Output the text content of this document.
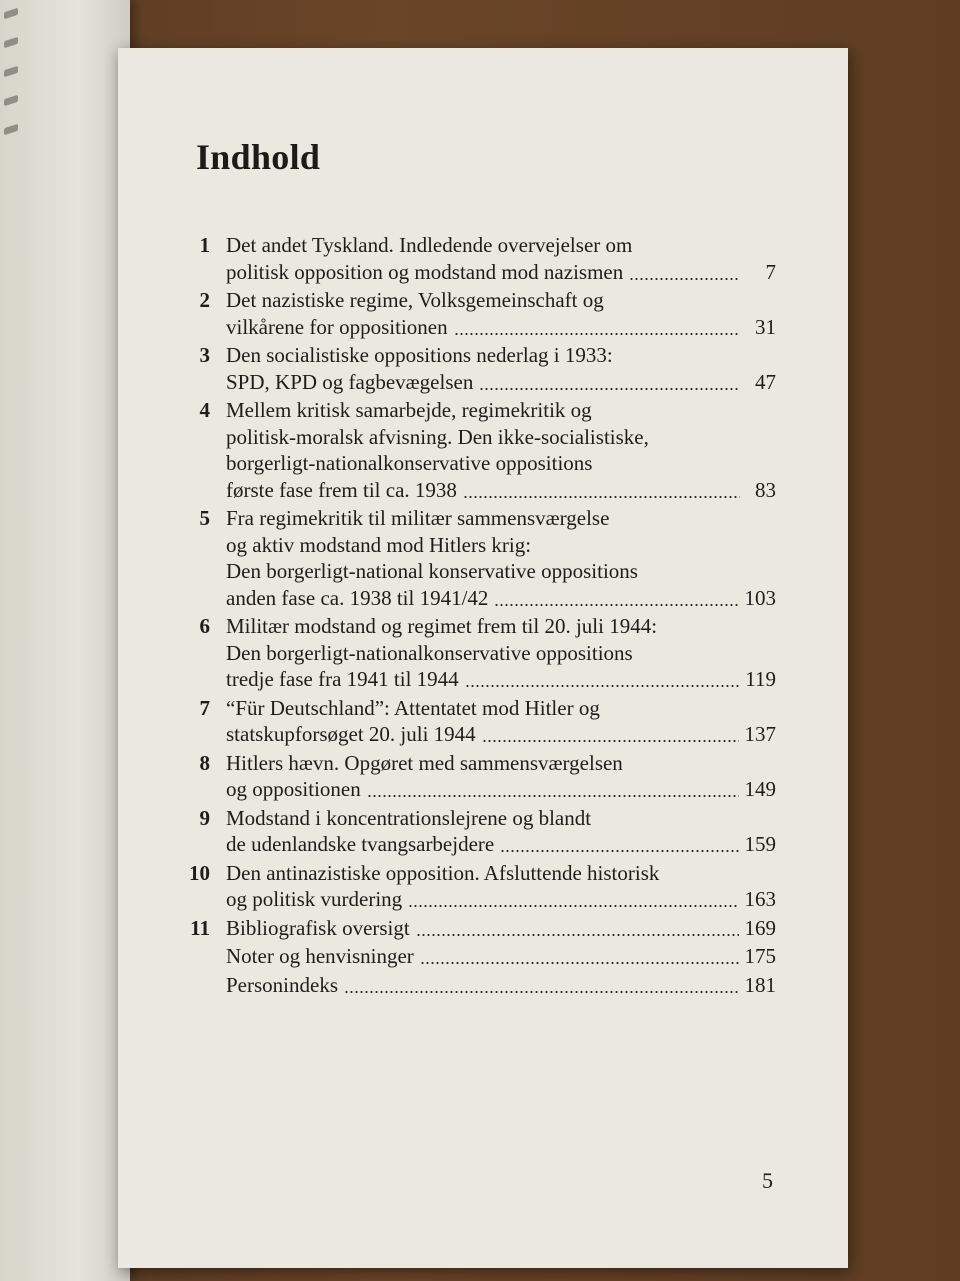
Indhold
1 Det andet Tyskland. Indledende overvejelser om
politisk opposition og modstand mod nazismen	7
2 Det nazistiske regime, Volksgemeinschaft og
vilkårene for oppositionen	31
3 Den socialistiske oppositions nederlag i 1933:
SPD, KPD og fagbevægelsen	47
4 Mellem kritisk samarbejde, regimekritik og
politisk-moralsk afvisning. Den ikke-socialistiske,
borgerligt-nationalkonservative oppositions
første fase frem til ca. 1938	83
5 Fra regimekritik til militær sammensværgelse
og aktiv modstand mod Hitlers krig:
Den borgerligt-national konservative oppositions
anden fase ca. 1938 til 1941/42	103
6 Militær modstand og regimet frem til 20. juli 1944:
Den borgerligt-nationalkonservative oppositions
tredje fase fra 1941 til 1944	119
7 “Für Deutschland”: Attentatet mod Hitler og
statskupforsøget 20. juli 1944	137
8 Hitlers hævn. Opgøret med sammensværgelsen
og oppositionen	149
9 Modstand i koncentrationslejrene og blandt
de udenlandske tvangsarbejdere	159
10 Den antinazistiske opposition. Afsluttende historisk
og politisk vurdering	163
11 Bibliografisk oversigt	169
Noter og henvisninger	175
Personindeks	181
5
